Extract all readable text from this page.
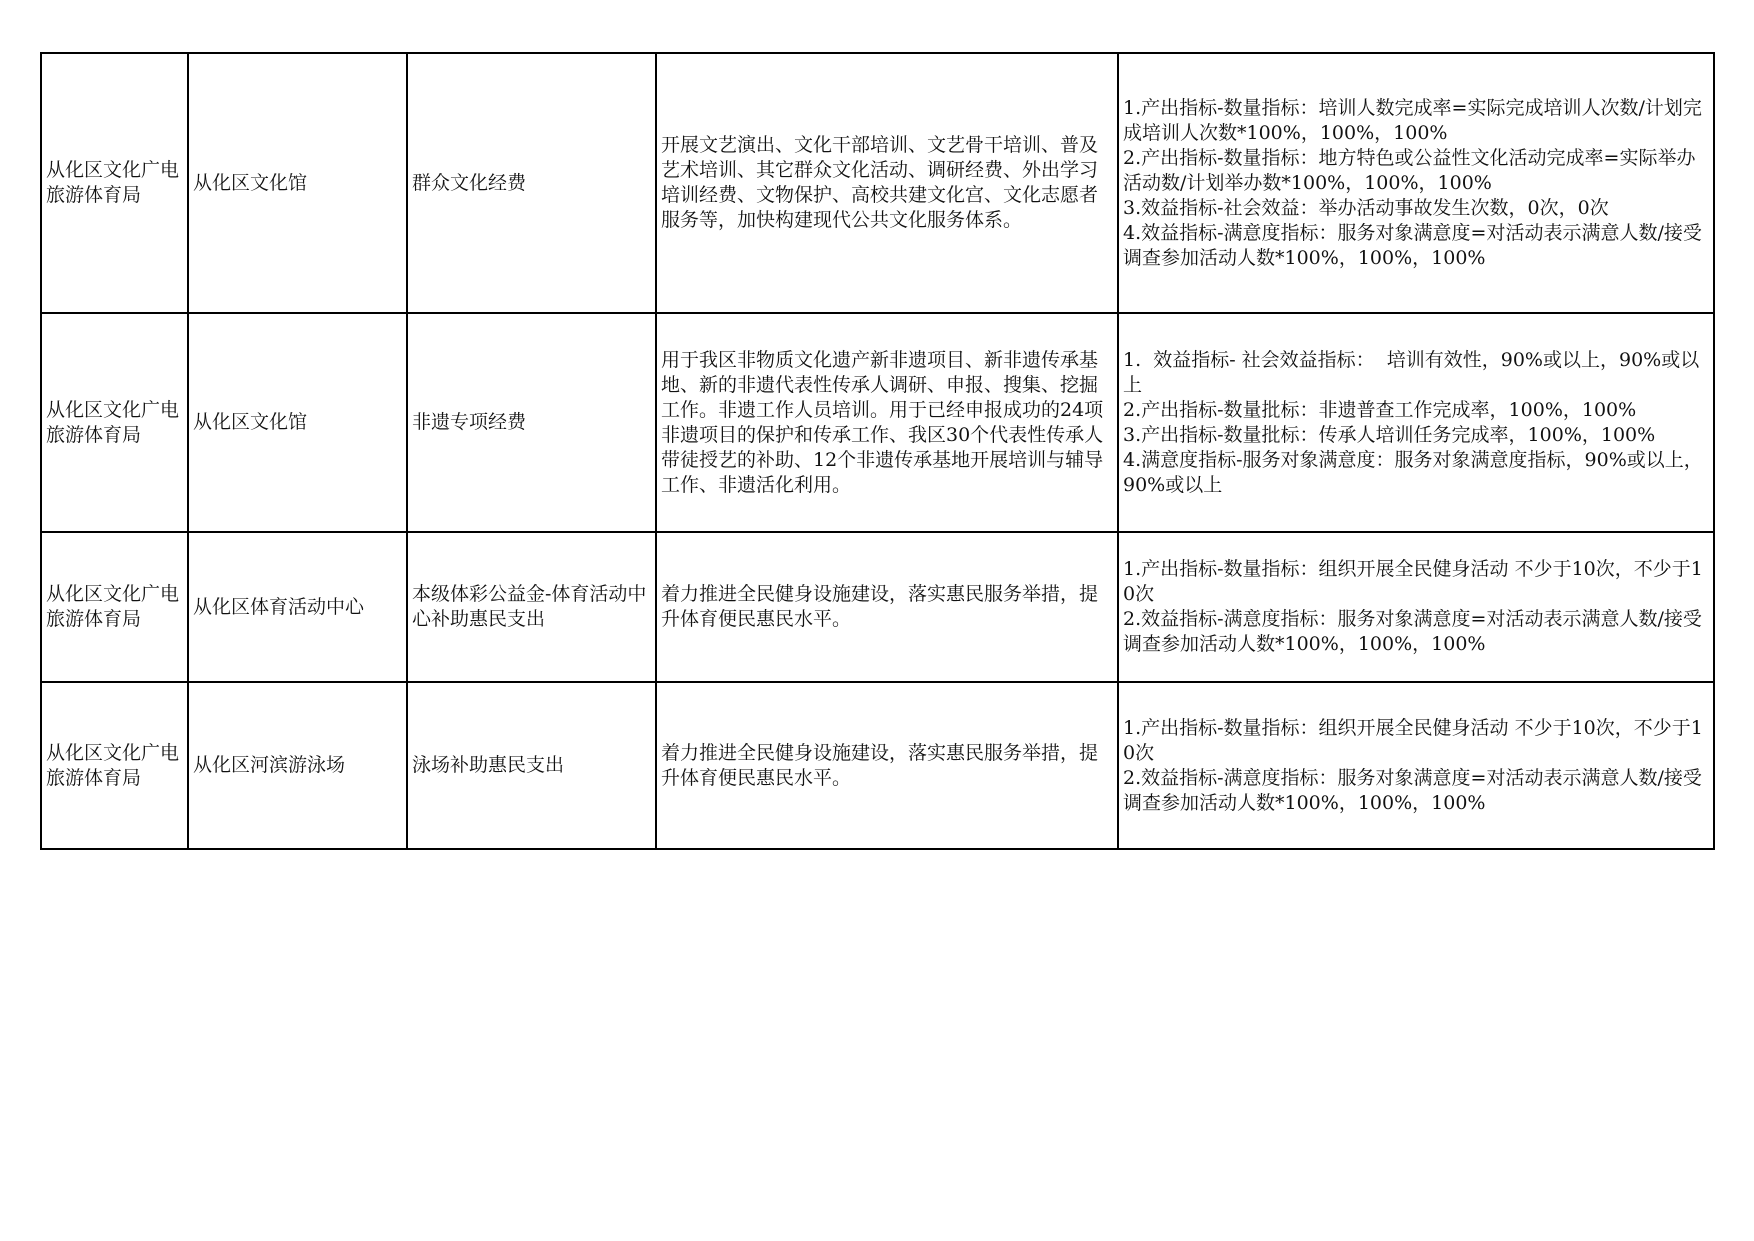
从化区文化广电旅游体育局	从化区文化馆	群众文化经费	开展文艺演出、文化干部培训、文艺骨干培训、普及艺术培训、其它群众文化活动、调研经费、外出学习培训经费、文物保护、高校共建文化宫、文化志愿者服务等，加快构建现代公共文化服务体系。	1.产出指标-数量指标：培训人数完成率=实际完成培训人次数/计划完成培训人次数*100%，100%，100%
2.产出指标-数量指标：地方特色或公益性文化活动完成率=实际举办活动数/计划举办数*100%，100%，100%
3.效益指标-社会效益：举办活动事故发生次数，0次，0次
4.效益指标-满意度指标：服务对象满意度=对活动表示满意人数/接受调查参加活动人数*100%，100%，100%

从化区文化广电旅游体育局	从化区文化馆	非遗专项经费	用于我区非物质文化遗产新非遗项目、新非遗传承基地、新的非遗代表性传承人调研、申报、搜集、挖掘工作。非遗工作人员培训。用于已经申报成功的24项非遗项目的保护和传承工作、我区30个代表性传承人带徒授艺的补助、12个非遗传承基地开展培训与辅导工作、非遗活化利用。	1.  效益指标- 社会效益指标：  培训有效性，90%或以上，90%或以上
2.产出指标-数量批标：非遗普查工作完成率，100%，100%
3.产出指标-数量批标：传承人培训任务完成率，100%，100%        4.满意度指标-服务对象满意度：服务对象满意度指标，90%或以上，90%或以上

从化区文化广电旅游体育局	从化区体育活动中心	本级体彩公益金-体育活动中心补助惠民支出	着力推进全民健身设施建设，落实惠民服务举措，提升体育便民惠民水平。	1.产出指标-数量指标：组织开展全民健身活动 不少于10次，不少于10次
2.效益指标-满意度指标：服务对象满意度=对活动表示满意人数/接受调查参加活动人数*100%，100%，100%

从化区文化广电旅游体育局	从化区河滨游泳场	泳场补助惠民支出	着力推进全民健身设施建设，落实惠民服务举措，提升体育便民惠民水平。	1.产出指标-数量指标：组织开展全民健身活动 不少于10次，不少于10次
2.效益指标-满意度指标：服务对象满意度=对活动表示满意人数/接受调查参加活动人数*100%，100%，100%
